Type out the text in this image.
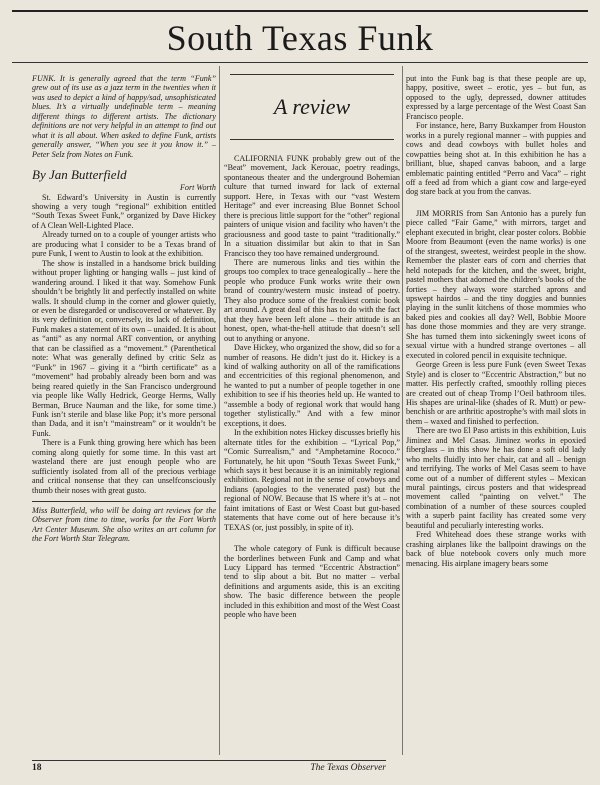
South Texas Funk

FUNK. It is generally agreed that the term “Funk” grew out of its use as a jazz term in the twenties when it was used to depict a kind of happy/sad, unsophisticated blues. It’s a virtually undefinable term – meaning different things to different artists. The dictionary definitions are not very helpful in an attempt to find out what it is all about. When asked to define Funk, artists generally answer, “When you see it you know it.” – Peter Selz from Notes on Funk.

By Jan Butterfield

Fort Worth

St. Edward’s University in Austin is currently showing a very tough “regional” exhibition entitled “South Texas Sweet Funk,” organized by Dave Hickey of A Clean Well-Lighted Place.

Already turned on to a couple of younger artists who are producing what I consider to be a Texas brand of pure Funk, I went to Austin to look at the exhibition.

The show is installed in a handsome brick building without proper lighting or hanging walls – just kind of wandering around. I liked it that way. Somehow Funk shouldn’t be brightly lit and perfectly installed on white walls. It should clump in the corner and glower quietly, or even be disregarded or undiscovered or whatever. By its very definition or, conversely, its lack of definition, Funk makes a statement of its own – unaided. It is about as “anti” as any normal ART convention, or anything that can be classified as a “movement.” (Parenthetical note: What was generally defined by critic Selz as “Funk” in 1967 – giving it a “birth certificate” as a “movement” had probably already been born and was being reared quietly in the San Francisco underground via people like Wally Hedrick, George Herms, Wally Berman, Bruce Nauman and the like, for some time.) Funk isn’t sterile and blase like Pop; it’s more personal than Dada, and it isn’t “mainstream” or it wouldn’t be Funk.

There is a Funk thing growing here which has been coming along quietly for some time. In this vast art wasteland there are just enough people who are sufficiently isolated from all of the precious verbiage and critical nonsense that they can unselfconsciously thumb their noses with great gusto.

Miss Butterfield, who will be doing art reviews for the Observer from time to time, works for the Fort Worth Art Center Museum. She also writes an art column for the Fort Worth Star Telegram.

A review

CALIFORNIA FUNK probably grew out of the “Beat” movement, Jack Kerouac, poetry readings, spontaneous theater and the underground Bohemian culture that turned inward for lack of external support. Here, in Texas with our “vast Western Heritage” and ever increasing Blue Bonnet School there is precious little support for the “other” regional painters of unique vision and facility who haven’t the graciousness and good taste to paint “traditionally.” In a situation dissimilar but akin to that in San Francisco they too have remained underground.

There are numerous links and ties within the groups too complex to trace genealogically – here the people who produce Funk works write their own brand of country/western music instead of poetry. They also produce some of the freakiest comic book art around. A great deal of this has to do with the fact that they have been left alone – their attitude is an honest, open, what-the-hell attitude that doesn’t sell out to anything or anyone.

Dave Hickey, who organized the show, did so for a number of reasons. He didn’t just do it. Hickey is a kind of walking authority on all of the ramifications and eccentricities of this regional phenomenon, and he wanted to put a number of people together in one exhibition to see if his theories held up. He wanted to “assemble a body of regional work that would hang together stylistically.” And with a few minor exceptions, it does.

In the exhibition notes Hickey discusses briefly his alternate titles for the exhibition – “Lyrical Pop,” “Comic Surrealism,” and “Amphetamine Rococo.” Fortunately, he hit upon “South Texas Sweet Funk,” which says it best because it is an inimitably regional exhibition. Regional not in the sense of cowboys and Indians (apologies to the venerated past) but the regional of NOW. Because that IS where it’s at – not faint imitations of East or West Coast but gut-based statements that have come out of here because it’s TEXAS (or, just possibly, in spite of it).

The whole category of Funk is difficult because the borderlines between Funk and Camp and what Lucy Lippard has termed “Eccentric Abstraction” tend to slip about a bit. But no matter – verbal definitions and arguments aside, this is an exciting show. The basic difference between the people included in this exhibition and most of the West Coast people who have been

put into the Funk bag is that these people are up, happy, positive, sweet – erotic, yes – but fun, as opposed to the ugly, depressed, downer attitudes expressed by a large percentage of the West Coast San Francisco people.

For instance, here, Barry Buxkamper from Houston works in a purely regional manner – with puppies and cows and dead cowboys with bullet holes and cowpatties being shot at. In this exhibition he has a brilliant, blue, shaped canvas baboon, and a large emblematic painting entitled “Perro and Vaca” – right off a feed ad from which a giant cow and large-eyed dog stare back at you from the canvas.

JIM MORRIS from San Antonio has a purely fun piece called “Fair Game,” with mirrors, target and elephant executed in bright, clear poster colors. Bobbie Moore from Beaumont (even the name works) is one of the strangest, sweetest, weirdest people in the show. Remember the plaster ears of corn and cherries that held notepads for the kitchen, and the sweet, bright, pastel mothers that adorned the children’s books of the forties – they always wore starched aprons and upswept hairdos – and the tiny doggies and bunnies playing in the sunlit kitchens of those mommies who baked pies and cookies all day? Well, Bobbie Moore has done those mommies and they are very strange. She has turned them into sickeningly sweet icons of sexual virtue with a hundred strange overtones – all executed in colored pencil in exquisite technique.

George Green is less pure Funk (even Sweet Texas Style) and is closer to “Eccentric Abstraction,” but no matter. His perfectly crafted, smoothly rolling pieces are created out of cheap Tromp l’Oeil bathroom tiles. His shapes are urinal-like (shades of R. Mutt) or pew-benchish or are arthritic apostrophe’s with mail slots in them – waxed and finished to perfection.

There are two El Paso artists in this exhibition, Luis Jiminez and Mel Casas. Jiminez works in epoxied fiberglass – in this show he has done a soft old lady who melts fluidly into her chair, cat and all – benign and terrifying. The works of Mel Casas seem to have come out of a number of different styles – Mexican mural paintings, circus posters and that widespread movement called “painting on velvet.” The combination of a number of these sources coupled with a superb paint facility has created some very beautiful and peculiarly interesting works.

Fred Whitehead does these strange works with crashing airplanes like the ballpoint drawings on the back of blue notebook covers only much more menacing. His airplane imagery bears some

18	The Texas Observer
